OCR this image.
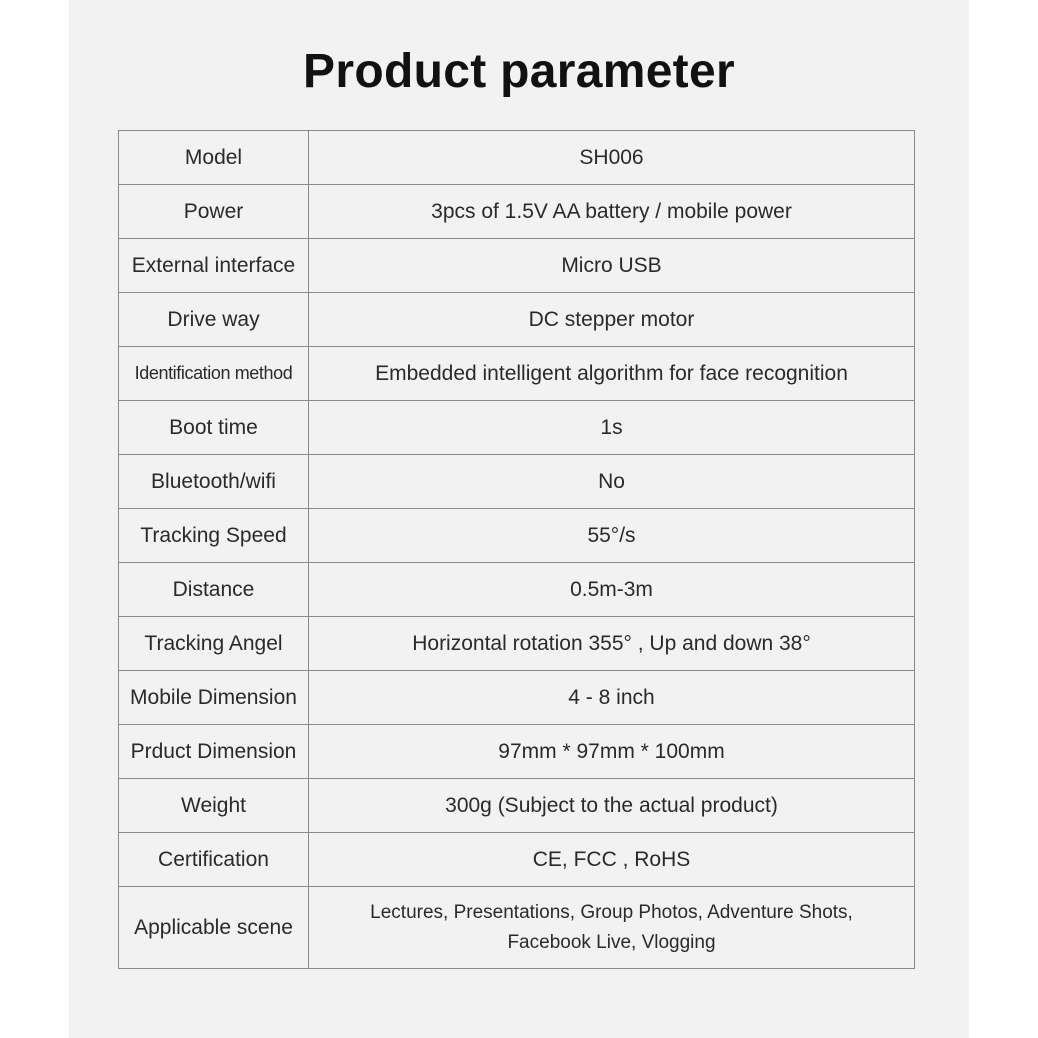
Product parameter
Model	SH006
Power	3pcs of 1.5V AA battery / mobile power
External interface	Micro USB
Drive way	DC stepper motor
Identification method	Embedded intelligent algorithm for face recognition
Boot time	1s
Bluetooth/wifi	No
Tracking Speed	55°/s
Distance	0.5m-3m
Tracking Angel	Horizontal rotation 355° , Up and down 38°
Mobile Dimension	4 - 8 inch
Prduct Dimension	97mm * 97mm * 100mm
Weight	300g (Subject to the actual product)
Certification	CE, FCC , RoHS
Applicable scene	Lectures, Presentations, Group Photos, Adventure Shots,
Facebook Live, Vlogging
